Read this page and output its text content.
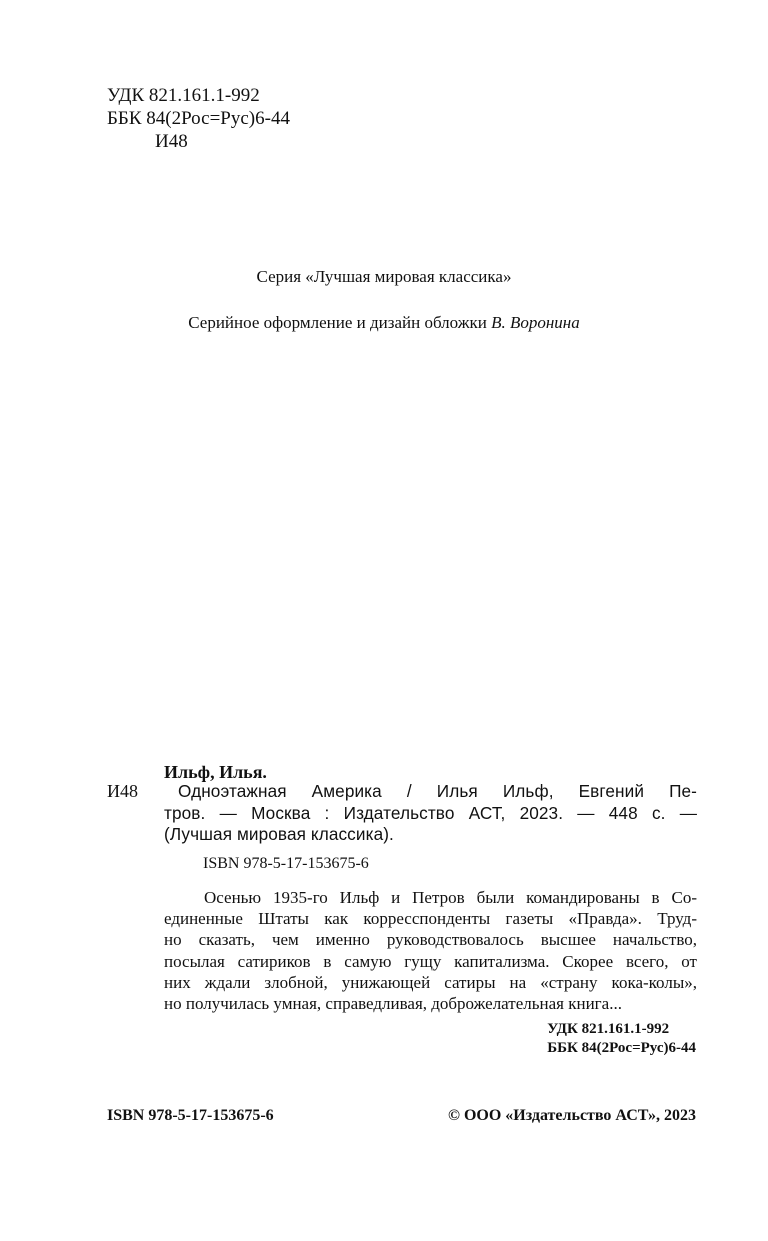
УДК 821.161.1-992
ББК 84(2Рос=Рус)6-44
И48
Серия «Лучшая мировая классика»
Серийное оформление и дизайн обложки В. Воронина
Ильф, Илья.
И48	Одноэтажная Америка / Илья Ильф, Евгений Пе-
тров. — Москва : Издательство АСТ, 2023. — 448 с. —
(Лучшая мировая классика).
ISBN 978-5-17-153675-6
Осенью 1935-го Ильф и Петров были командированы в Со-
единенные Штаты как корресспонденты газеты «Правда». Труд-
но сказать, чем именно руководствовалось высшее начальство,
посылая сатириков в самую гущу капитализма. Скорее всего, от
них ждали злобной, унижающей сатиры на «страну кока-колы»,
но получилась умная, справедливая, доброжелательная книга...
УДК 821.161.1-992
ББК 84(2Рос=Рус)6-44
ISBN 978-5-17-153675-6	© ООО «Издательство АСТ», 2023
